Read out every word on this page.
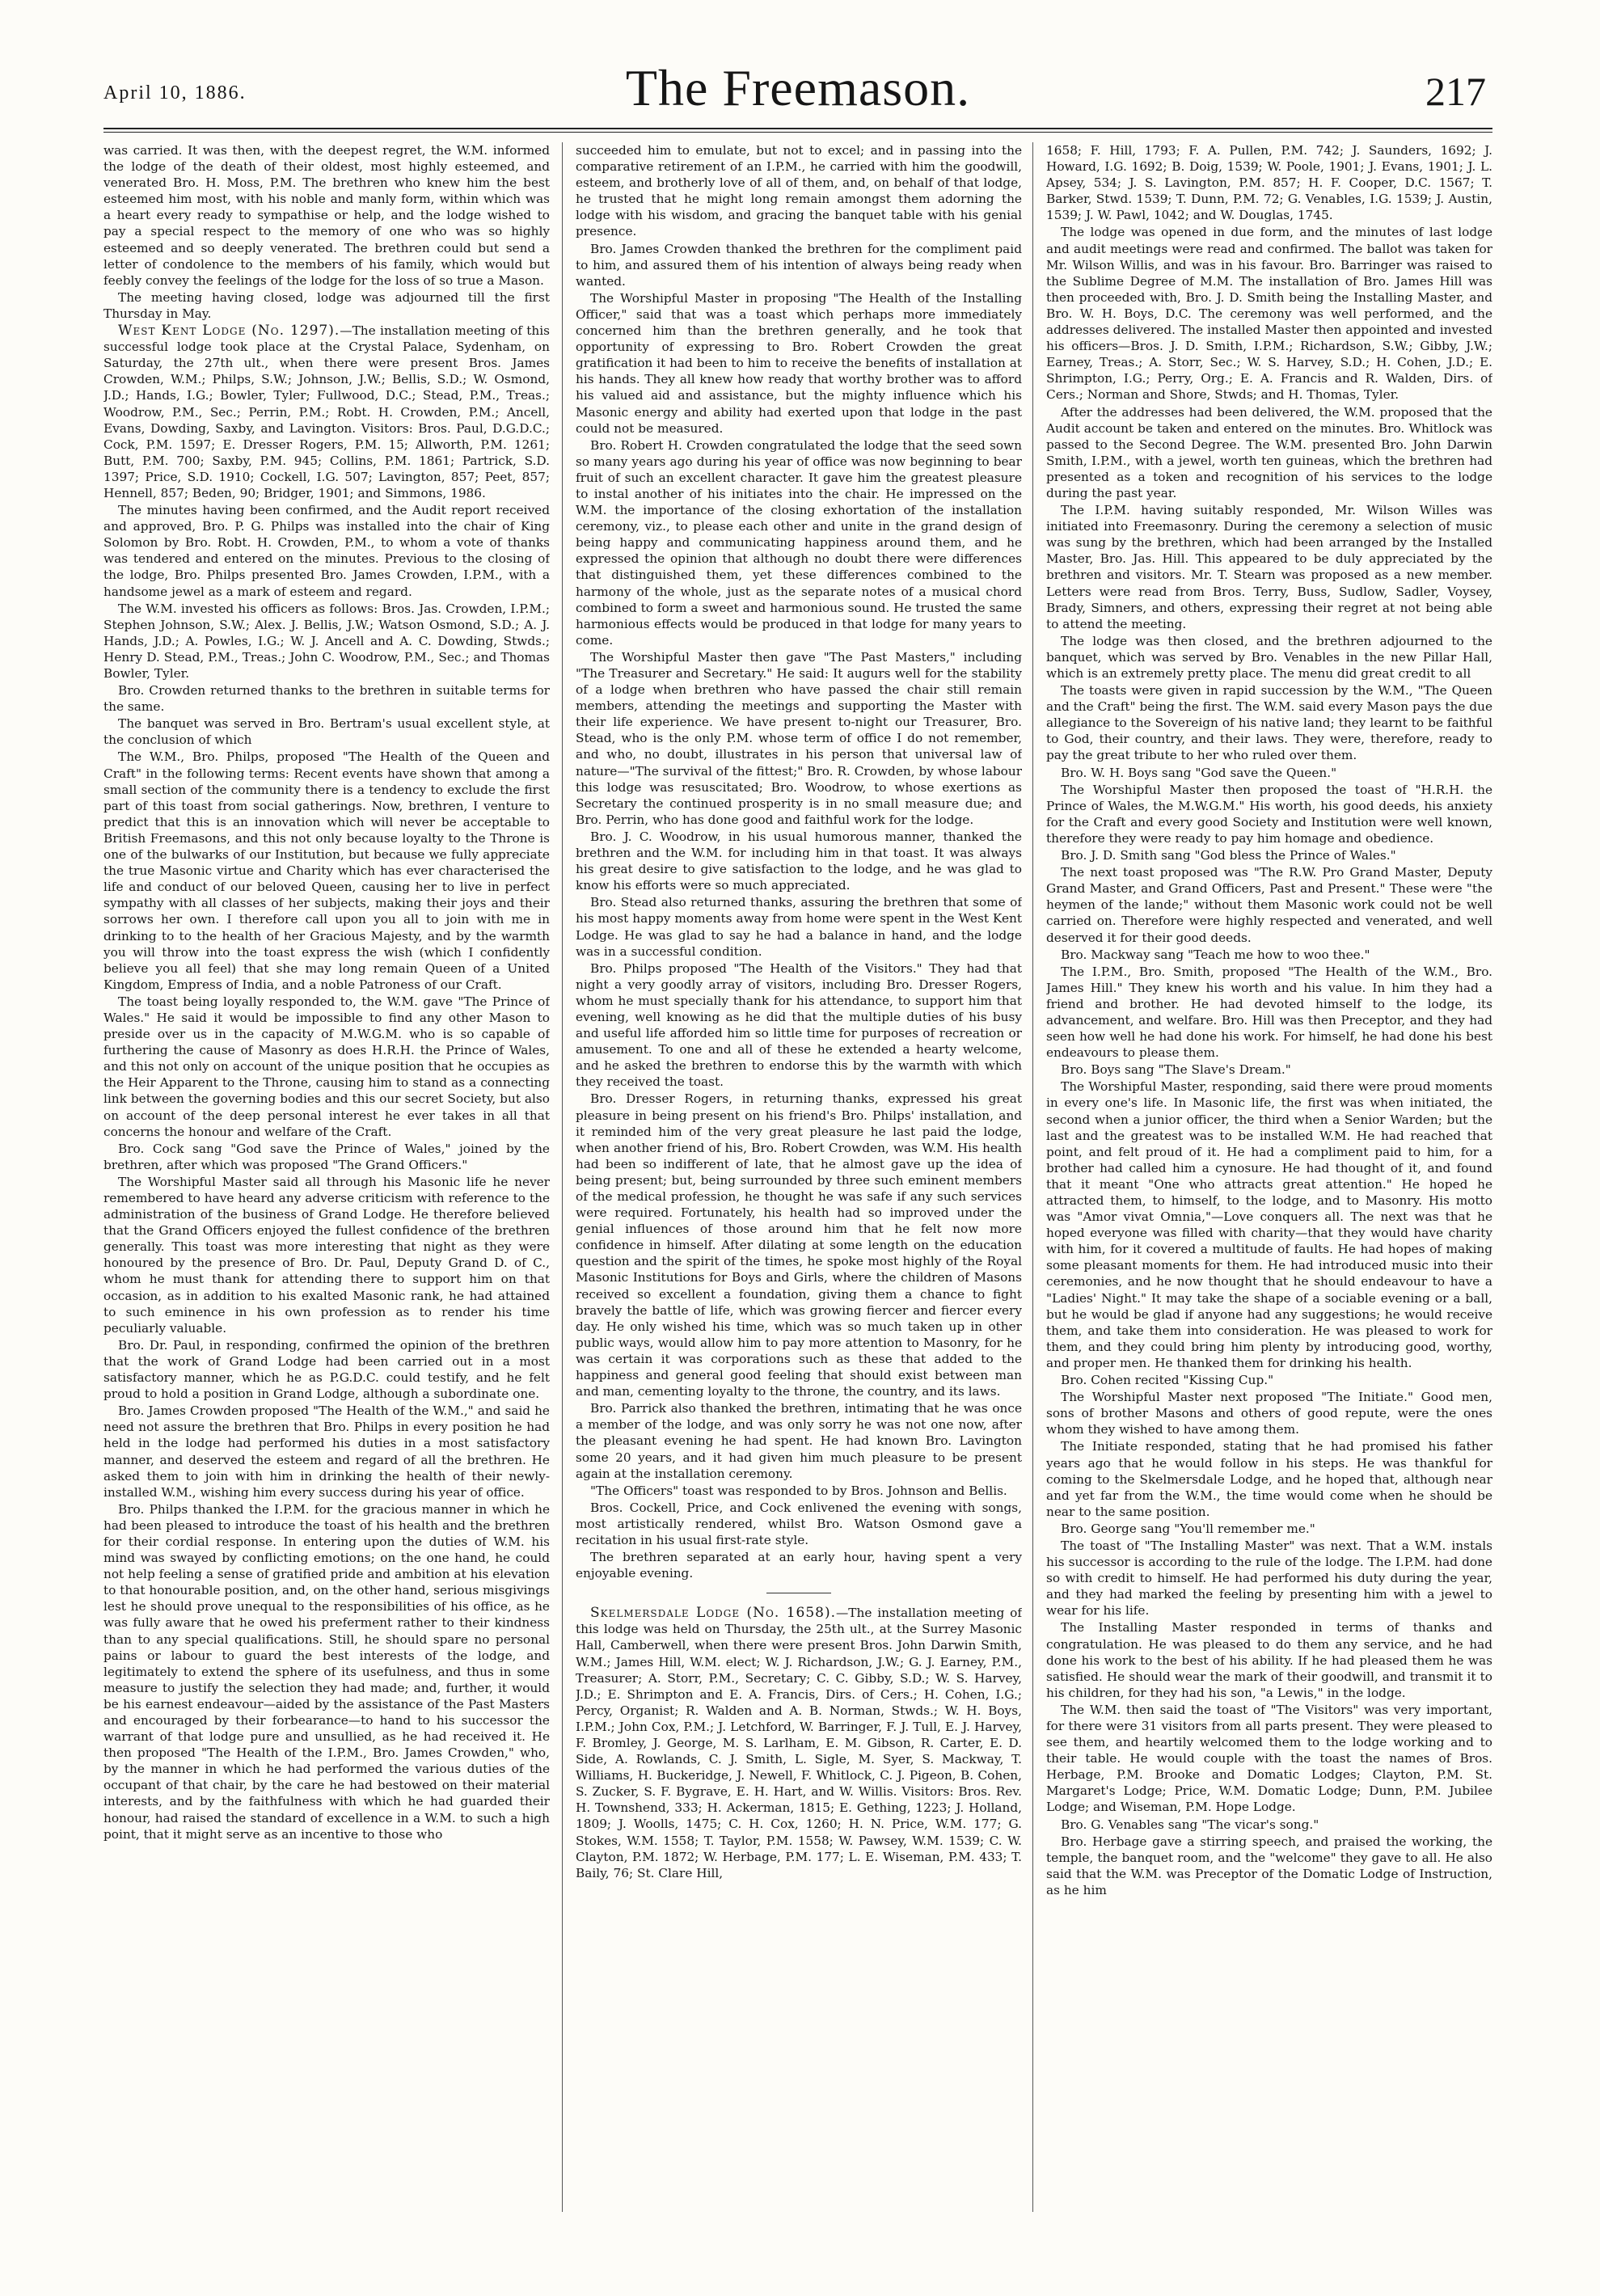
April 10, 1886.	The Freemason.	217

was carried. It was then, with the deepest regret, the W.M. informed the lodge of the death of their oldest, most highly esteemed, and venerated Bro. H. Moss, P.M. The brethren who knew him the best esteemed him most, with his noble and manly form, within which was a heart every ready to sympathise or help, and the lodge wished to pay a special respect to the memory of one who was so highly esteemed and so deeply venerated. The brethren could but send a letter of condolence to the members of his family, which would but feebly convey the feelings of the lodge for the loss of so true a Mason.

The meeting having closed, lodge was adjourned till the first Thursday in May.

West Kent Lodge (No. 1297).—The installation meeting of this successful lodge took place at the Crystal Palace, Sydenham, on Saturday, the 27th ult., when there were present Bros. James Crowden, W.M.; Philps, S.W.; Johnson, J.W.; Bellis, S.D.; W. Osmond, J.D.; Hands, I.G.; Bowler, Tyler; Fullwood, D.C.; Stead, P.M., Treas.; Woodrow, P.M., Sec.; Perrin, P.M.; Robt. H. Crowden, P.M.; Ancell, Evans, Dowding, Saxby, and Lavington. Visitors: Bros. Paul, D.G.D.C.; Cock, P.M. 1597; E. Dresser Rogers, P.M. 15; Allworth, P.M. 1261; Butt, P.M. 700; Saxby, P.M. 945; Collins, P.M. 1861; Partrick, S.D. 1397; Price, S.D. 1910; Cockell, I.G. 507; Lavington, 857; Peet, 857; Hennell, 857; Beden, 90; Bridger, 1901; and Simmons, 1986.

The minutes having been confirmed, and the Audit report received and approved, Bro. P. G. Philps was installed into the chair of King Solomon by Bro. Robt. H. Crowden, P.M., to whom a vote of thanks was tendered and entered on the minutes. Previous to the closing of the lodge, Bro. Philps presented Bro. James Crowden, I.P.M., with a handsome jewel as a mark of esteem and regard.

The W.M. invested his officers as follows: Bros. Jas. Crowden, I.P.M.; Stephen Johnson, S.W.; Alex. J. Bellis, J.W.; Watson Osmond, S.D.; A. J. Hands, J.D.; A. Powles, I.G.; W. J. Ancell and A. C. Dowding, Stwds.; Henry D. Stead, P.M., Treas.; John C. Woodrow, P.M., Sec.; and Thomas Bowler, Tyler.

Bro. Crowden returned thanks to the brethren in suitable terms for the same.

The banquet was served in Bro. Bertram's usual excellent style, at the conclusion of which

The W.M., Bro. Philps, proposed "The Health of the Queen and Craft" in the following terms: Recent events have shown that among a small section of the community there is a tendency to exclude the first part of this toast from social gatherings. Now, brethren, I venture to predict that this is an innovation which will never be acceptable to British Freemasons, and this not only because loyalty to the Throne is one of the bulwarks of our Institution, but because we fully appreciate the true Masonic virtue and Charity which has ever characterised the life and conduct of our beloved Queen, causing her to live in perfect sympathy with all classes of her subjects, making their joys and their sorrows her own. I therefore call upon you all to join with me in drinking to to the health of her Gracious Majesty, and by the warmth you will throw into the toast express the wish (which I confidently believe you all feel) that she may long remain Queen of a United Kingdom, Empress of India, and a noble Patroness of our Craft.

The toast being loyally responded to, the W.M. gave "The Prince of Wales." He said it would be impossible to find any other Mason to preside over us in the capacity of M.W.G.M. who is so capable of furthering the cause of Masonry as does H.R.H. the Prince of Wales, and this not only on account of the unique position that he occupies as the Heir Apparent to the Throne, causing him to stand as a connecting link between the governing bodies and this our secret Society, but also on account of the deep personal interest he ever takes in all that concerns the honour and welfare of the Craft.

Bro. Cock sang "God save the Prince of Wales," joined by the brethren, after which was proposed "The Grand Officers."

The Worshipful Master said all through his Masonic life he never remembered to have heard any adverse criticism with reference to the administration of the business of Grand Lodge. He therefore believed that the Grand Officers enjoyed the fullest confidence of the brethren generally. This toast was more interesting that night as they were honoured by the presence of Bro. Dr. Paul, Deputy Grand D. of C., whom he must thank for attending there to support him on that occasion, as in addition to his exalted Masonic rank, he had attained to such eminence in his own profession as to render his time peculiarly valuable.

Bro. Dr. Paul, in responding, confirmed the opinion of the brethren that the work of Grand Lodge had been carried out in a most satisfactory manner, which he as P.G.D.C. could testify, and he felt proud to hold a position in Grand Lodge, although a subordinate one.

Bro. James Crowden proposed "The Health of the W.M.," and said he need not assure the brethren that Bro. Philps in every position he had held in the lodge had performed his duties in a most satisfactory manner, and deserved the esteem and regard of all the brethren. He asked them to join with him in drinking the health of their newly-installed W.M., wishing him every success during his year of office.

Bro. Philps thanked the I.P.M. for the gracious manner in which he had been pleased to introduce the toast of his health and the brethren for their cordial response. In entering upon the duties of W.M. his mind was swayed by conflicting emotions; on the one hand, he could not help feeling a sense of gratified pride and ambition at his elevation to that honourable position, and, on the other hand, serious misgivings lest he should prove unequal to the responsibilities of his office, as he was fully aware that he owed his preferment rather to their kindness than to any special qualifications. Still, he should spare no personal pains or labour to guard the best interests of the lodge, and legitimately to extend the sphere of its usefulness, and thus in some measure to justify the selection they had made; and, further, it would be his earnest endeavour—aided by the assistance of the Past Masters and encouraged by their forbearance—to hand to his successor the warrant of that lodge pure and unsullied, as he had received it. He then proposed "The Health of the I.P.M., Bro. James Crowden," who, by the manner in which he had performed the various duties of the occupant of that chair, by the care he had bestowed on their material interests, and by the faithfulness with which he had guarded their honour, had raised the standard of excellence in a W.M. to such a high point, that it might serve as an incentive to those who

succeeded him to emulate, but not to excel; and in passing into the comparative retirement of an I.P.M., he carried with him the goodwill, esteem, and brotherly love of all of them, and, on behalf of that lodge, he trusted that he might long remain amongst them adorning the lodge with his wisdom, and gracing the banquet table with his genial presence.

Bro. James Crowden thanked the brethren for the compliment paid to him, and assured them of his intention of always being ready when wanted.

The Worshipful Master in proposing "The Health of the Installing Officer," said that was a toast which perhaps more immediately concerned him than the brethren generally, and he took that opportunity of expressing to Bro. Robert Crowden the great gratification it had been to him to receive the benefits of installation at his hands. They all knew how ready that worthy brother was to afford his valued aid and assistance, but the mighty influence which his Masonic energy and ability had exerted upon that lodge in the past could not be measured.

Bro. Robert H. Crowden congratulated the lodge that the seed sown so many years ago during his year of office was now beginning to bear fruit of such an excellent character. It gave him the greatest pleasure to instal another of his initiates into the chair. He impressed on the W.M. the importance of the closing exhortation of the installation ceremony, viz., to please each other and unite in the grand design of being happy and communicating happiness around them, and he expressed the opinion that although no doubt there were differences that distinguished them, yet these differences combined to the harmony of the whole, just as the separate notes of a musical chord combined to form a sweet and harmonious sound. He trusted the same harmonious effects would be produced in that lodge for many years to come.

The Worshipful Master then gave "The Past Masters," including "The Treasurer and Secretary." He said: It augurs well for the stability of a lodge when brethren who have passed the chair still remain members, attending the meetings and supporting the Master with their life experience. We have present to-night our Treasurer, Bro. Stead, who is the only P.M. whose term of office I do not remember, and who, no doubt, illustrates in his person that universal law of nature—"The survival of the fittest;" Bro. R. Crowden, by whose labour this lodge was resuscitated; Bro. Woodrow, to whose exertions as Secretary the continued prosperity is in no small measure due; and Bro. Perrin, who has done good and faithful work for the lodge.

Bro. J. C. Woodrow, in his usual humorous manner, thanked the brethren and the W.M. for including him in that toast. It was always his great desire to give satisfaction to the lodge, and he was glad to know his efforts were so much appreciated.

Bro. Stead also returned thanks, assuring the brethren that some of his most happy moments away from home were spent in the West Kent Lodge. He was glad to say he had a balance in hand, and the lodge was in a successful condition.

Bro. Philps proposed "The Health of the Visitors." They had that night a very goodly array of visitors, including Bro. Dresser Rogers, whom he must specially thank for his attendance, to support him that evening, well knowing as he did that the multiple duties of his busy and useful life afforded him so little time for purposes of recreation or amusement. To one and all of these he extended a hearty welcome, and he asked the brethren to endorse this by the warmth with which they received the toast.

Bro. Dresser Rogers, in returning thanks, expressed his great pleasure in being present on his friend's Bro. Philps' installation, and it reminded him of the very great pleasure he last paid the lodge, when another friend of his, Bro. Robert Crowden, was W.M. His health had been so indifferent of late, that he almost gave up the idea of being present; but, being surrounded by three such eminent members of the medical profession, he thought he was safe if any such services were required. Fortunately, his health had so improved under the genial influences of those around him that he felt now more confidence in himself. After dilating at some length on the education question and the spirit of the times, he spoke most highly of the Royal Masonic Institutions for Boys and Girls, where the children of Masons received so excellent a foundation, giving them a chance to fight bravely the battle of life, which was growing fiercer and fiercer every day. He only wished his time, which was so much taken up in other public ways, would allow him to pay more attention to Masonry, for he was certain it was corporations such as these that added to the happiness and general good feeling that should exist between man and man, cementing loyalty to the throne, the country, and its laws.

Bro. Parrick also thanked the brethren, intimating that he was once a member of the lodge, and was only sorry he was not one now, after the pleasant evening he had spent. He had known Bro. Lavington some 20 years, and it had given him much pleasure to be present again at the installation ceremony.

"The Officers" toast was responded to by Bros. Johnson and Bellis.

Bros. Cockell, Price, and Cock enlivened the evening with songs, most artistically rendered, whilst Bro. Watson Osmond gave a recitation in his usual first-rate style.

The brethren separated at an early hour, having spent a very enjoyable evening.

Skelmersdale Lodge (No. 1658).—The installation meeting of this lodge was held on Thursday, the 25th ult., at the Surrey Masonic Hall, Camberwell, when there were present Bros. John Darwin Smith, W.M.; James Hill, W.M. elect; W. J. Richardson, J.W.; G. J. Earney, P.M., Treasurer; A. Storr, P.M., Secretary; C. C. Gibby, S.D.; W. S. Harvey, J.D.; E. Shrimpton and E. A. Francis, Dirs. of Cers.; H. Cohen, I.G.; Percy, Organist; R. Walden and A. B. Norman, Stwds.; W. H. Boys, I.P.M.; John Cox, P.M.; J. Letchford, W. Barringer, F. J. Tull, E. J. Harvey, F. Bromley, J. George, M. S. Larlham, E. M. Gibson, R. Carter, E. D. Side, A. Rowlands, C. J. Smith, L. Sigle, M. Syer, S. Mackway, T. Williams, H. Buckeridge, J. Newell, F. Whitlock, C. J. Pigeon, B. Cohen, S. Zucker, S. F. Bygrave, E. H. Hart, and W. Willis. Visitors: Bros. Rev. H. Townshend, 333; H. Ackerman, 1815; E. Gething, 1223; J. Holland, 1809; J. Woolls, 1475; C. H. Cox, 1260; H. N. Price, W.M. 177; G. Stokes, W.M. 1558; T. Taylor, P.M. 1558; W. Pawsey, W.M. 1539; C. W. Clayton, P.M. 1872; W. Herbage, P.M. 177; L. E. Wiseman, P.M. 433; T. Baily, 76; St. Clare Hill,

1658; F. Hill, 1793; F. A. Pullen, P.M. 742; J. Saunders, 1692; J. Howard, I.G. 1692; B. Doig, 1539; W. Poole, 1901; J. Evans, 1901; J. L. Apsey, 534; J. S. Lavington, P.M. 857; H. F. Cooper, D.C. 1567; T. Barker, Stwd. 1539; T. Dunn, P.M. 72; G. Venables, I.G. 1539; J. Austin, 1539; J. W. Pawl, 1042; and W. Douglas, 1745.

The lodge was opened in due form, and the minutes of last lodge and audit meetings were read and confirmed. The ballot was taken for Mr. Wilson Willis, and was in his favour. Bro. Barringer was raised to the Sublime Degree of M.M. The installation of Bro. James Hill was then proceeded with, Bro. J. D. Smith being the Installing Master, and Bro. W. H. Boys, D.C. The ceremony was well performed, and the addresses delivered. The installed Master then appointed and invested his officers—Bros. J. D. Smith, I.P.M.; Richardson, S.W.; Gibby, J.W.; Earney, Treas.; A. Storr, Sec.; W. S. Harvey, S.D.; H. Cohen, J.D.; E. Shrimpton, I.G.; Perry, Org.; E. A. Francis and R. Walden, Dirs. of Cers.; Norman and Shore, Stwds; and H. Thomas, Tyler.

After the addresses had been delivered, the W.M. proposed that the Audit account be taken and entered on the minutes. Bro. Whitlock was passed to the Second Degree. The W.M. presented Bro. John Darwin Smith, I.P.M., with a jewel, worth ten guineas, which the brethren had presented as a token and recognition of his services to the lodge during the past year.

The I.P.M. having suitably responded, Mr. Wilson Willes was initiated into Freemasonry. During the ceremony a selection of music was sung by the brethren, which had been arranged by the Installed Master, Bro. Jas. Hill. This appeared to be duly appreciated by the brethren and visitors. Mr. T. Stearn was proposed as a new member. Letters were read from Bros. Terry, Buss, Sudlow, Sadler, Voysey, Brady, Simners, and others, expressing their regret at not being able to attend the meeting.

The lodge was then closed, and the brethren adjourned to the banquet, which was served by Bro. Venables in the new Pillar Hall, which is an extremely pretty place. The menu did great credit to all

The toasts were given in rapid succession by the W.M., "The Queen and the Craft" being the first. The W.M. said every Mason pays the due allegiance to the Sovereign of his native land; they learnt to be faithful to God, their country, and their laws. They were, therefore, ready to pay the great tribute to her who ruled over them.

Bro. W. H. Boys sang "God save the Queen."

The Worshipful Master then proposed the toast of "H.R.H. the Prince of Wales, the M.W.G.M." His worth, his good deeds, his anxiety for the Craft and every good Society and Institution were well known, therefore they were ready to pay him homage and obedience.

Bro. J. D. Smith sang "God bless the Prince of Wales."

The next toast proposed was "The R.W. Pro Grand Master, Deputy Grand Master, and Grand Officers, Past and Present." These were "the heymen of the lande;" without them Masonic work could not be well carried on. Therefore were highly respected and venerated, and well deserved it for their good deeds.

Bro. Mackway sang "Teach me how to woo thee."

The I.P.M., Bro. Smith, proposed "The Health of the W.M., Bro. James Hill." They knew his worth and his value. In him they had a friend and brother. He had devoted himself to the lodge, its advancement, and welfare. Bro. Hill was then Preceptor, and they had seen how well he had done his work. For himself, he had done his best endeavours to please them.

Bro. Boys sang "The Slave's Dream."

The Worshipful Master, responding, said there were proud moments in every one's life. In Masonic life, the first was when initiated, the second when a junior officer, the third when a Senior Warden; but the last and the greatest was to be installed W.M. He had reached that point, and felt proud of it. He had a compliment paid to him, for a brother had called him a cynosure. He had thought of it, and found that it meant "One who attracts great attention." He hoped he attracted them, to himself, to the lodge, and to Masonry. His motto was "Amor vivat Omnia,"—Love conquers all. The next was that he hoped everyone was filled with charity—that they would have charity with him, for it covered a multitude of faults. He had hopes of making some pleasant moments for them. He had introduced music into their ceremonies, and he now thought that he should endeavour to have a "Ladies' Night." It may take the shape of a sociable evening or a ball, but he would be glad if anyone had any suggestions; he would receive them, and take them into consideration. He was pleased to work for them, and they could bring him plenty by introducing good, worthy, and proper men. He thanked them for drinking his health.

Bro. Cohen recited "Kissing Cup."

The Worshipful Master next proposed "The Initiate." Good men, sons of brother Masons and others of good repute, were the ones whom they wished to have among them.

The Initiate responded, stating that he had promised his father years ago that he would follow in his steps. He was thankful for coming to the Skelmersdale Lodge, and he hoped that, although near and yet far from the W.M., the time would come when he should be near to the same position.

Bro. George sang "You'll remember me."

The toast of "The Installing Master" was next. That a W.M. instals his successor is according to the rule of the lodge. The I.P.M. had done so with credit to himself. He had performed his duty during the year, and they had marked the feeling by presenting him with a jewel to wear for his life.

The Installing Master responded in terms of thanks and congratulation. He was pleased to do them any service, and he had done his work to the best of his ability. If he had pleased them he was satisfied. He should wear the mark of their goodwill, and transmit it to his children, for they had his son, "a Lewis," in the lodge.

The W.M. then said the toast of "The Visitors" was very important, for there were 31 visitors from all parts present. They were pleased to see them, and heartily welcomed them to the lodge working and to their table. He would couple with the toast the names of Bros. Herbage, P.M. Brooke and Domatic Lodges; Clayton, P.M. St. Margaret's Lodge; Price, W.M. Domatic Lodge; Dunn, P.M. Jubilee Lodge; and Wiseman, P.M. Hope Lodge.

Bro. G. Venables sang "The vicar's song."

Bro. Herbage gave a stirring speech, and praised the working, the temple, the banquet room, and the "welcome" they gave to all. He also said that the W.M. was Preceptor of the Domatic Lodge of Instruction, as he him
